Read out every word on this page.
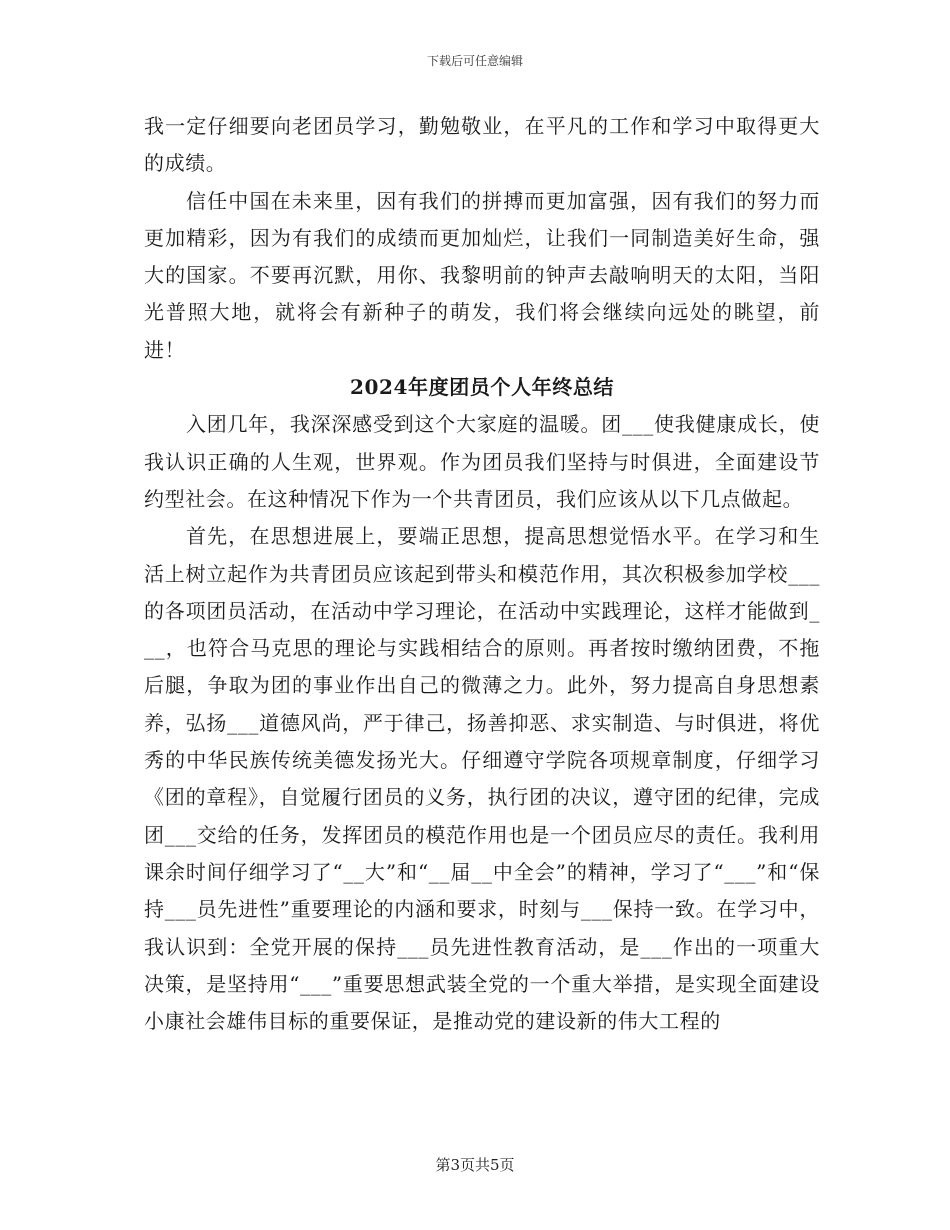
下载后可任意编辑

我一定仔细要向老团员学习，勤勉敬业，在平凡的工作和学习中取得更大的成绩。

信任中国在未来里，因有我们的拼搏而更加富强，因有我们的努力而更加精彩，因为有我们的成绩而更加灿烂，让我们一同制造美好生命，强大的国家。不要再沉默，用你、我黎明前的钟声去敲响明天的太阳，当阳光普照大地，就将会有新种子的萌发，我们将会继续向远处的眺望，前进！

2024年度团员个人年终总结

入团几年，我深深感受到这个大家庭的温暖。团___使我健康成长，使我认识正确的人生观，世界观。作为团员我们坚持与时俱进，全面建设节约型社会。在这种情况下作为一个共青团员，我们应该从以下几点做起。

首先，在思想进展上，要端正思想，提高思想觉悟水平。在学习和生活上树立起作为共青团员应该起到带头和模范作用，其次积极参加学校___的各项团员活动，在活动中学习理论，在活动中实践理论，这样才能做到___，也符合马克思的理论与实践相结合的原则。再者按时缴纳团费，不拖后腿，争取为团的事业作出自己的微薄之力。此外，努力提高自身思想素养，弘扬___道德风尚，严于律己，扬善抑恶、求实制造、与时俱进，将优秀的中华民族传统美德发扬光大。仔细遵守学院各项规章制度，仔细学习《团的章程》，自觉履行团员的义务，执行团的决议，遵守团的纪律，完成团___交给的任务，发挥团员的模范作用也是一个团员应尽的责任。我利用课余时间仔细学习了“__大”和“__届__中全会”的精神，学习了“___”和“保持___员先进性”重要理论的内涵和要求，时刻与___保持一致。在学习中，我认识到：全党开展的保持___员先进性教育活动，是___作出的一项重大决策，是坚持用“___”重要思想武装全党的一个重大举措，是实现全面建设小康社会雄伟目标的重要保证，是推动党的建设新的伟大工程的

第3页共5页
